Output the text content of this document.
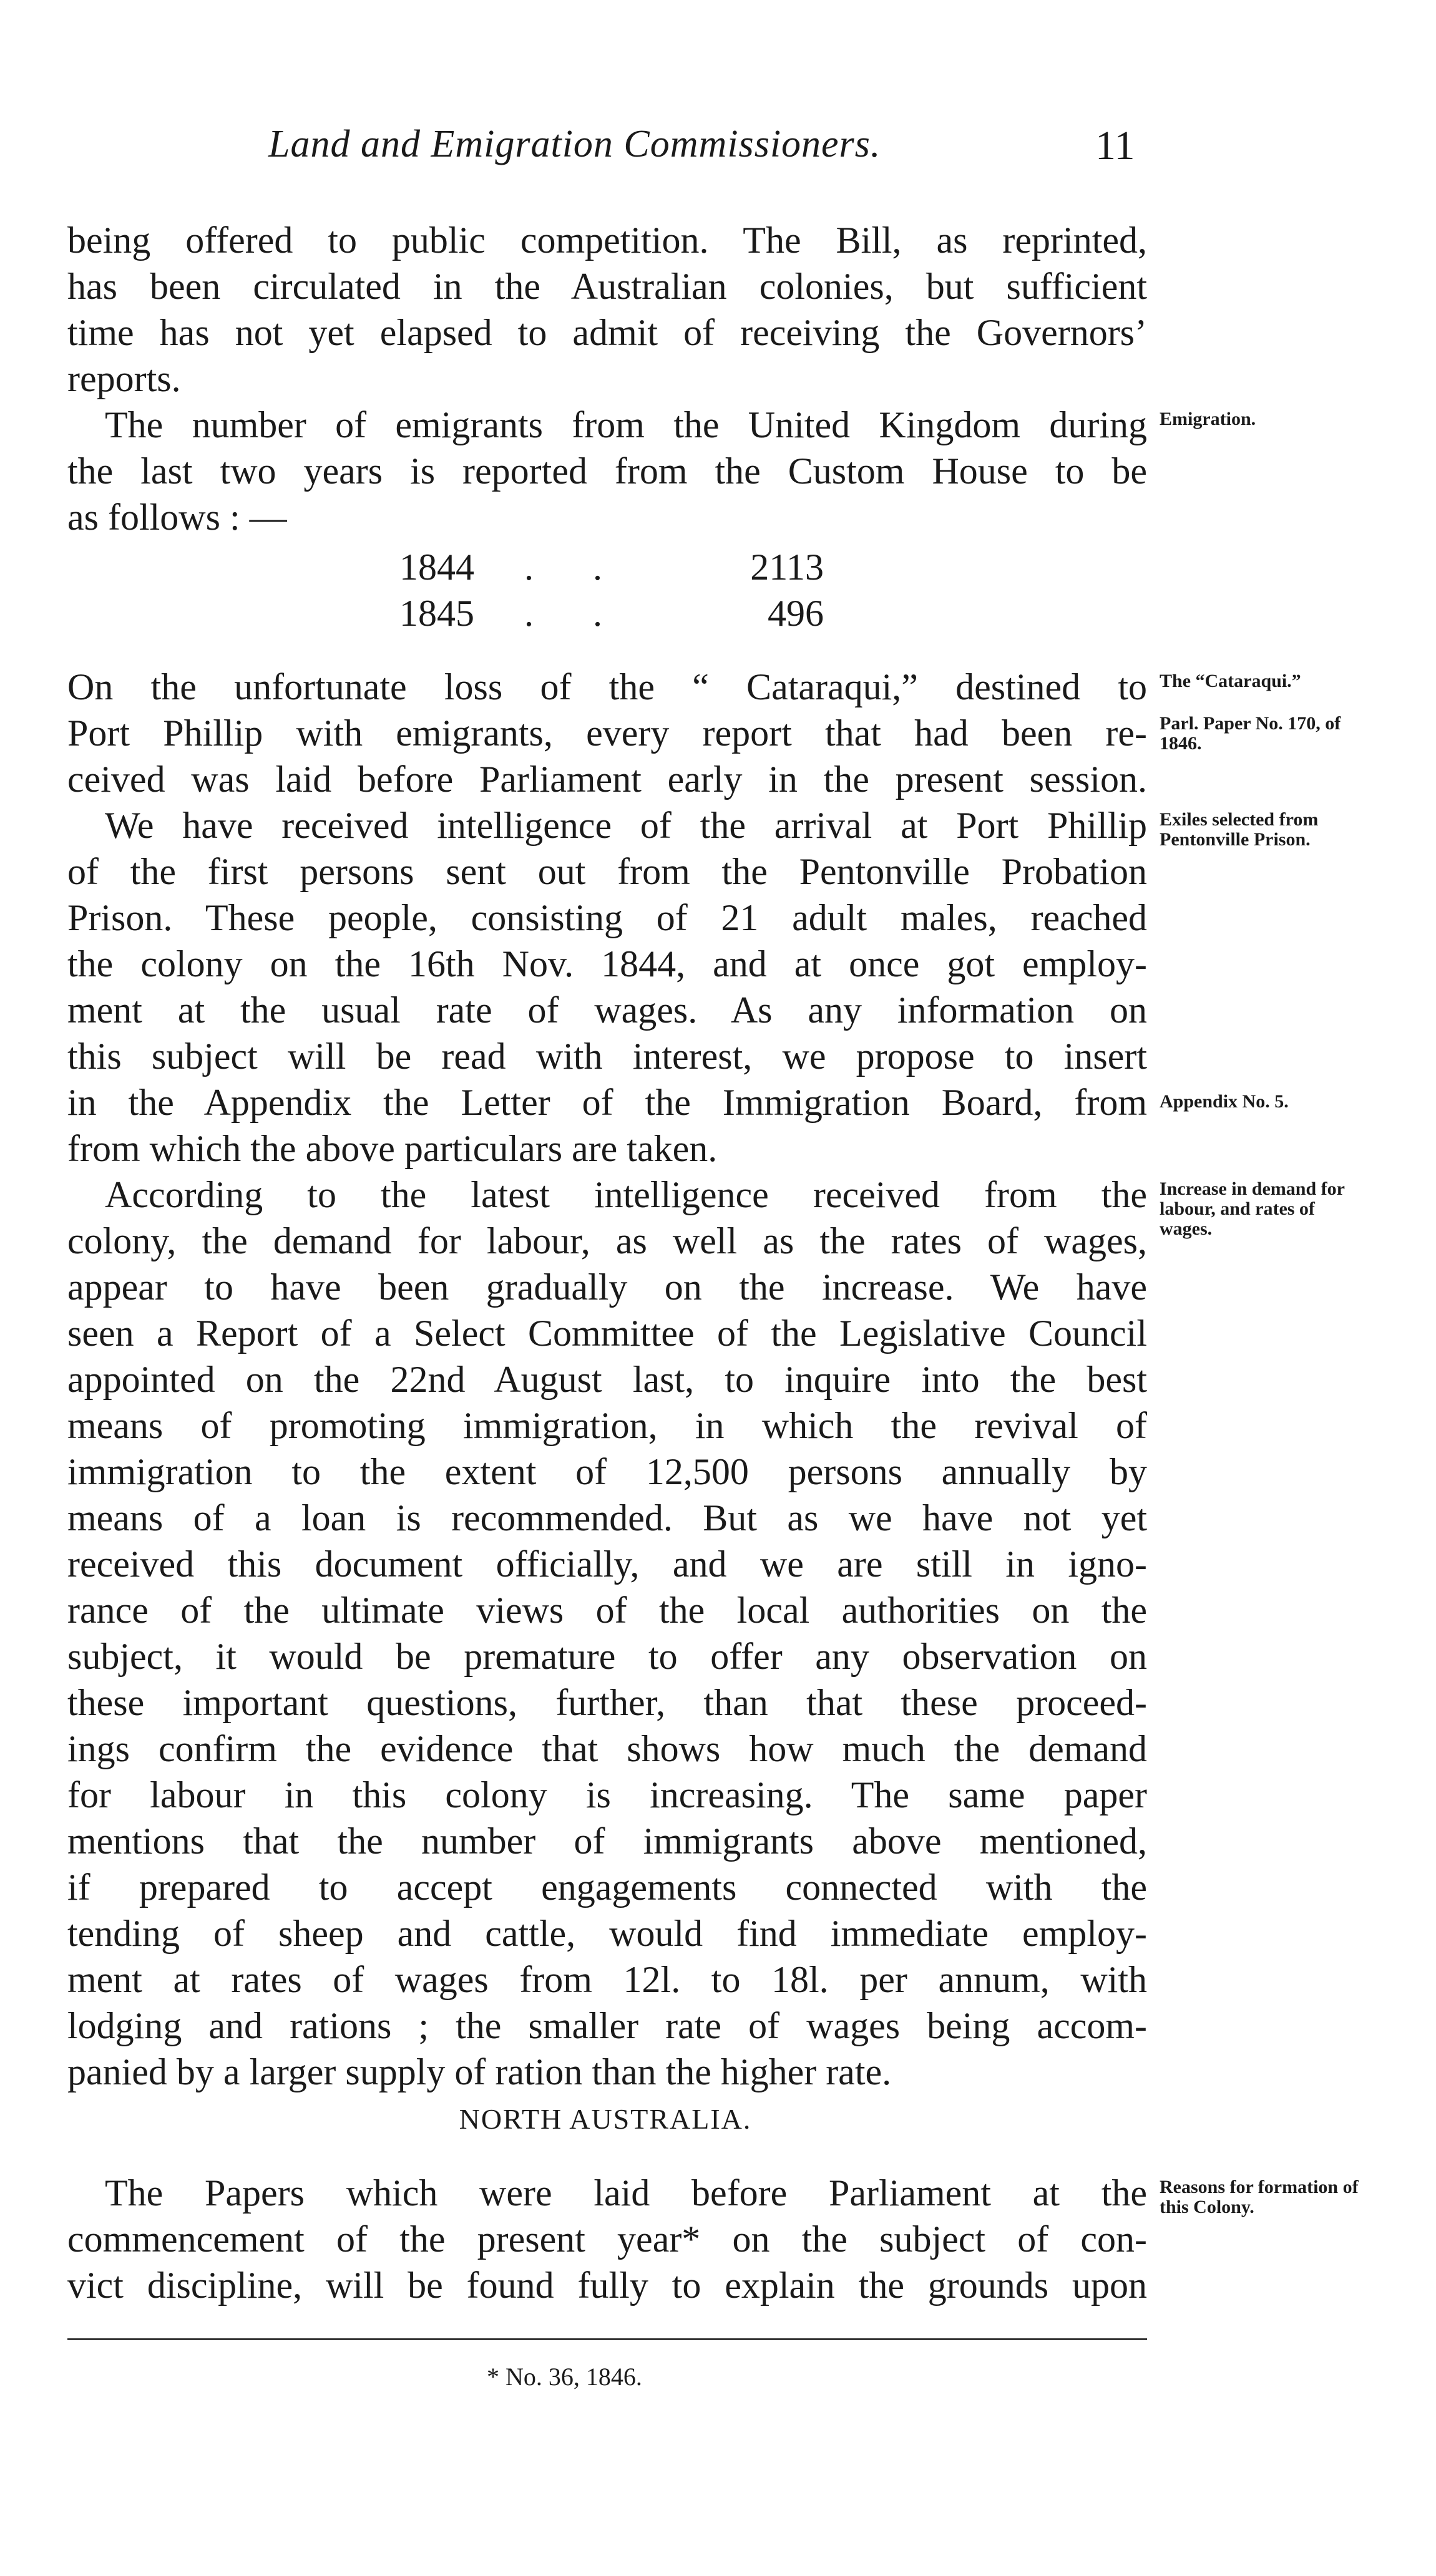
Land and Emigration Commissioners.	11
being offered to public competition. The Bill, as reprinted,
has been circulated in the Australian colonies, but sufficient
time has not yet elapsed to admit of receiving the Governors’
reports.
The number of emigrants from the United Kingdom during
the last two years is reported from the Custom House to be
as follows : —
1844 . .	2113
1845 . .	496
On the unfortunate loss of the “ Cataraqui,” destined to
Port Phillip with emigrants, every report that had been re-
ceived was laid before Parliament early in the present session.
We have received intelligence of the arrival at Port Phillip
of the first persons sent out from the Pentonville Probation
Prison. These people, consisting of 21 adult males, reached
the colony on the 16th Nov. 1844, and at once got employ-
ment at the usual rate of wages. As any information on
this subject will be read with interest, we propose to insert
in the Appendix the Letter of the Immigration Board, from
from which the above particulars are taken.
According to the latest intelligence received from the
colony, the demand for labour, as well as the rates of wages,
appear to have been gradually on the increase. We have
seen a Report of a Select Committee of the Legislative Council
appointed on the 22nd August last, to inquire into the best
means of promoting immigration, in which the revival of
immigration to the extent of 12,500 persons annually by
means of a loan is recommended. But as we have not yet
received this document officially, and we are still in igno-
rance of the ultimate views of the local authorities on the
subject, it would be premature to offer any observation on
these important questions, further, than that these proceed-
ings confirm the evidence that shows how much the demand
for labour in this colony is increasing. The same paper
mentions that the number of immigrants above mentioned,
if prepared to accept engagements connected with the
tending of sheep and cattle, would find immediate employ-
ment at rates of wages from 12l. to 18l. per annum, with
lodging and rations ; the smaller rate of wages being accom-
panied by a larger supply of ration than the higher rate.
NORTH AUSTRALIA.
The Papers which were laid before Parliament at the
commencement of the present year* on the subject of con-
vict discipline, will be found fully to explain the grounds upon
Emigration.
The “Cataraqui.”
Parl. Paper No. 170, of 1846.
Exiles selected from Pentonville Prison.
Appendix No. 5.
Increase in demand for labour, and rates of wages.
Reasons for formation of this Colony.
* No. 36, 1846.
